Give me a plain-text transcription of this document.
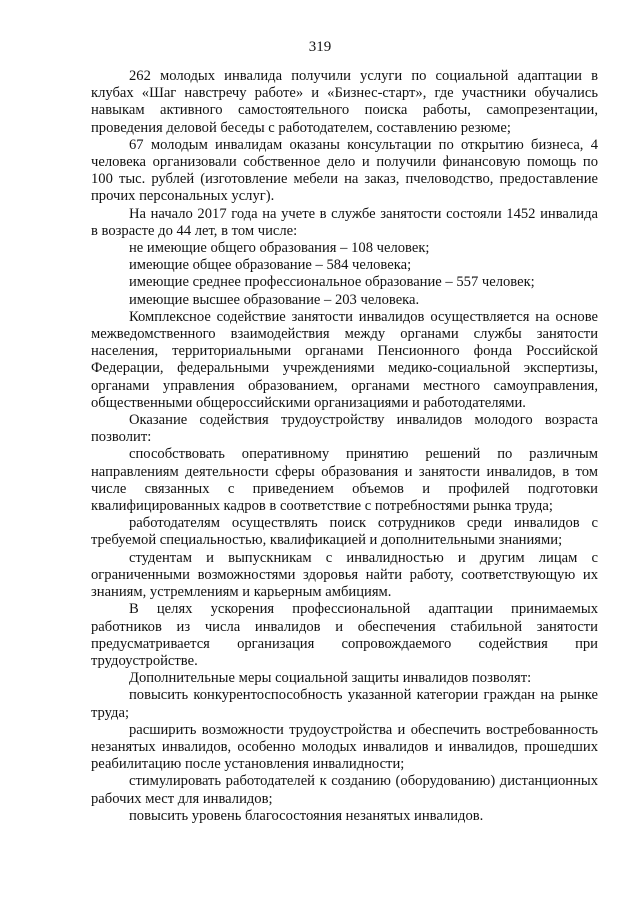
319

262 молодых инвалида получили услуги по социальной адаптации в клубах «Шаг навстречу работе» и «Бизнес-старт», где участники обучались навыкам активного самостоятельного поиска работы, самопрезентации, проведения деловой беседы с работодателем, составлению резюме;

67 молодым инвалидам оказаны консультации по открытию бизнеса, 4 человека организовали собственное дело и получили финансовую помощь по 100 тыс. рублей (изготовление мебели на заказ, пчеловодство, предоставление прочих персональных услуг).

На начало 2017 года на учете в службе занятости состояли 1452 инвалида в возрасте до 44 лет, в том числе:

не имеющие общего образования – 108 человек;

имеющие общее образование – 584 человека;

имеющие среднее профессиональное образование – 557 человек;

имеющие высшее образование – 203 человека.

Комплексное содействие занятости инвалидов осуществляется на основе межведомственного взаимодействия между органами службы занятости населения, территориальными органами Пенсионного фонда Российской Федерации, федеральными учреждениями медико-социальной экспертизы, органами управления образованием, органами местного самоуправления, общественными общероссийскими организациями и работодателями.

Оказание содействия трудоустройству инвалидов молодого возраста позволит:

способствовать оперативному принятию решений по различным направлениям деятельности сферы образования и занятости инвалидов, в том числе связанных с приведением объемов и профилей подготовки квалифицированных кадров в соответствие с потребностями рынка труда;

работодателям осуществлять поиск сотрудников среди инвалидов с требуемой специальностью, квалификацией и дополнительными знаниями;

студентам и выпускникам с инвалидностью и другим лицам с ограниченными возможностями здоровья найти работу, соответствующую их знаниям, устремлениям и карьерным амбициям.

В целях ускорения профессиональной адаптации принимаемых работников из числа инвалидов и обеспечения стабильной занятости предусматривается организация сопровождаемого содействия при трудоустройстве.

Дополнительные меры социальной защиты инвалидов позволят:

повысить конкурентоспособность указанной категории граждан на рынке труда;

расширить возможности трудоустройства и обеспечить востребованность незанятых инвалидов, особенно молодых инвалидов и инвалидов, прошедших реабилитацию после установления инвалидности;

стимулировать работодателей к созданию (оборудованию) дистанционных рабочих мест для инвалидов;

повысить уровень благосостояния незанятых инвалидов.
